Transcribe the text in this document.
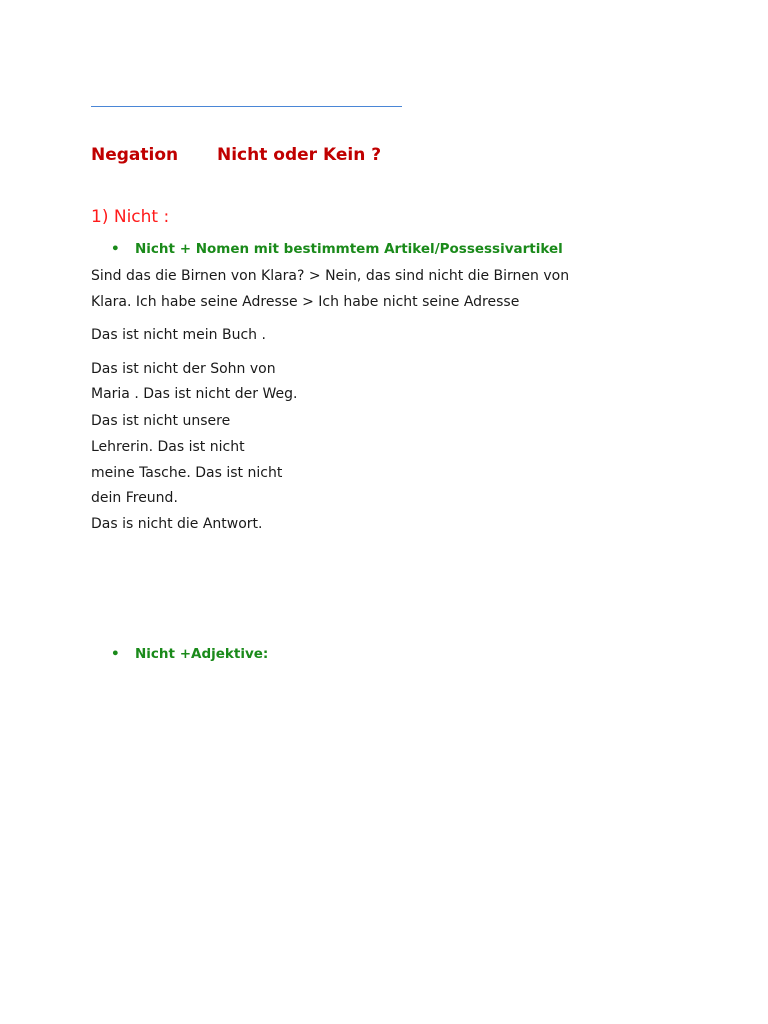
Negation Nicht oder Kein ?
1) Nicht :
• Nicht + Nomen mit bestimmtem Artikel/Possessivartikel
Sind das die Birnen von Klara? > Nein, das sind nicht die Birnen von
Klara. Ich habe seine Adresse > Ich habe nicht seine Adresse
Das ist nicht mein Buch .
Das ist nicht der Sohn von
Maria . Das ist nicht der Weg.
Das ist nicht unsere
Lehrerin. Das ist nicht
meine Tasche. Das ist nicht
dein Freund.
Das is nicht die Antwort.
• Nicht +Adjektive:
